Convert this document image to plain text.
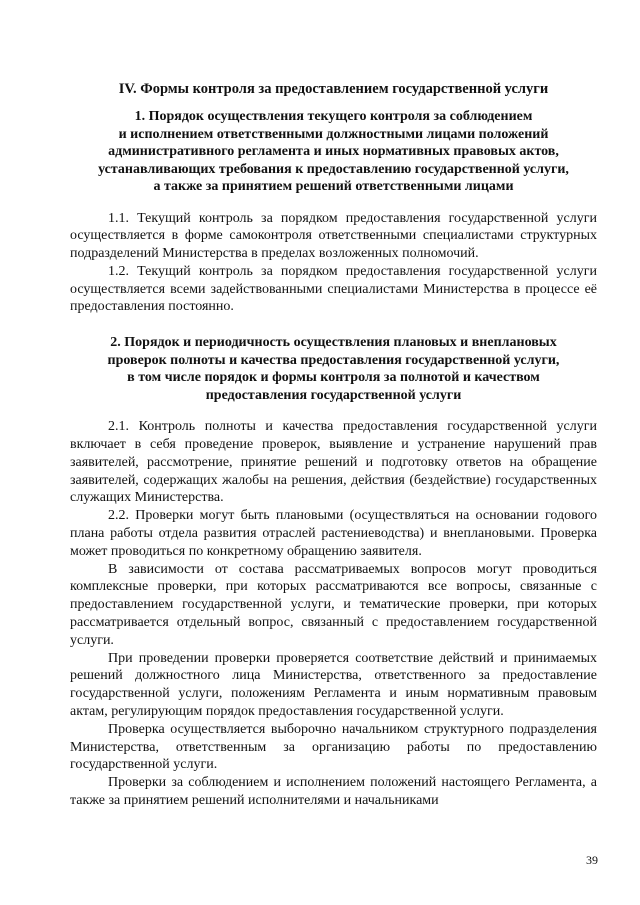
IV. Формы контроля за предоставлением государственной услуги
1. Порядок осуществления текущего контроля за соблюдением
и исполнением ответственными должностными лицами положений
административного регламента и иных нормативных правовых актов,
устанавливающих требования к предоставлению государственной услуги,
а также за принятием решений ответственными лицами

1.1. Текущий контроль за порядком предоставления государственной услуги осуществляется в форме самоконтроля ответственными специалистами структурных подразделений Министерства в пределах возложенных полномочий.

1.2. Текущий контроль за порядком предоставления государственной услуги осуществляется всеми задействованными специалистами Министерства в процессе её предоставления постоянно.

2. Порядок и периодичность осуществления плановых и внеплановых
проверок полноты и качества предоставления государственной услуги,
в том числе порядок и формы контроля за полнотой и качеством
предоставления государственной услуги

2.1. Контроль полноты и качества предоставления государственной услуги включает в себя проведение проверок, выявление и устранение нарушений прав заявителей, рассмотрение, принятие решений и подготовку ответов на обращение заявителей, содержащих жалобы на решения, действия (бездействие) государственных служащих Министерства.

2.2. Проверки могут быть плановыми (осуществляться на основании годового плана работы отдела развития отраслей растениеводства) и внеплановыми. Проверка может проводиться по конкретному обращению заявителя.

В зависимости от состава рассматриваемых вопросов могут проводиться комплексные проверки, при которых рассматриваются все вопросы, связанные с предоставлением государственной услуги, и тематические проверки, при которых рассматривается отдельный вопрос, связанный с предоставлением государственной услуги.

При проведении проверки проверяется соответствие действий и принимаемых решений должностного лица Министерства, ответственного за предоставление государственной услуги, положениям Регламента и иным нормативным правовым актам, регулирующим порядок предоставления государственной услуги.

Проверка осуществляется выборочно начальником структурного подразделения Министерства, ответственным за организацию работы по предоставлению государственной услуги.

Проверки за соблюдением и исполнением положений настоящего Регламента, а также за принятием решений исполнителями и начальниками

39
